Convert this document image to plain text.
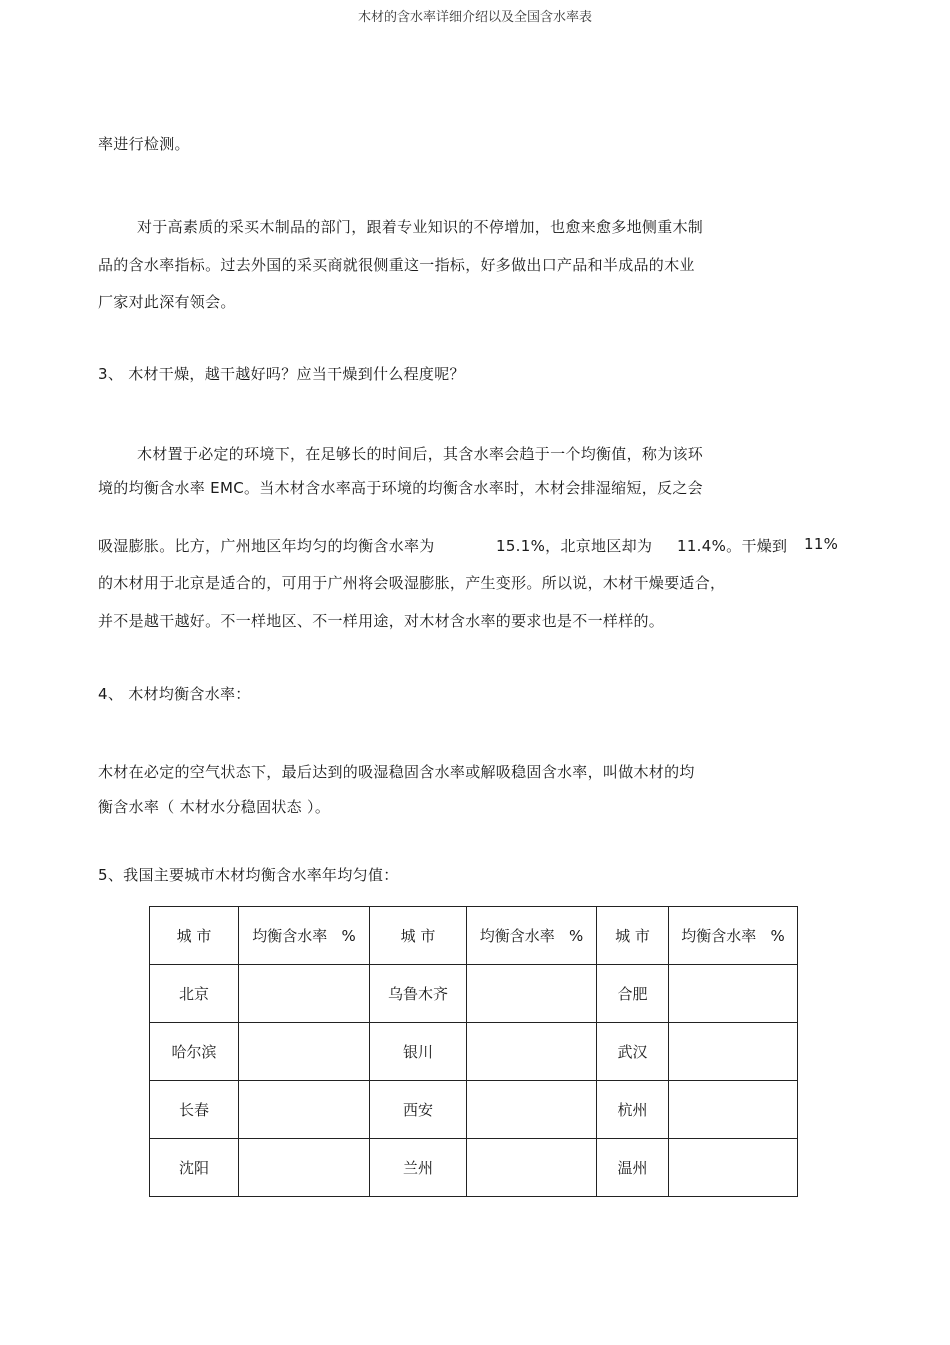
木材的含水率详细介绍以及全国含水率表
率进行检测。
对于高素质的采买木制品的部门，跟着专业知识的不停增加，也愈来愈多地侧重木制
品的含水率指标。过去外国的采买商就很侧重这一指标，好多做出口产品和半成品的木业
厂家对此深有领会。
3、 木材干燥，越干越好吗？应当干燥到什么程度呢？
木材置于必定的环境下，在足够长的时间后，其含水率会趋于一个均衡值，称为该环
境的均衡含水率 EMC。当木材含水率高于环境的均衡含水率时，木材会排湿缩短，反之会
吸湿膨胀。比方，广州地区年均匀的均衡含水率为	15.1%，北京地区却为 11.4%。干燥到 11%
的木材用于北京是适合的，可用于广州将会吸湿膨胀，产生变形。所以说，木材干燥要适合，
并不是越干越好。不一样地区、不一样用途，对木材含水率的要求也是不一样样的。
4、 木材均衡含水率：
木材在必定的空气状态下，最后达到的吸湿稳固含水率或解吸稳固含水率，叫做木材的均
衡含水率（ 木材水分稳固状态 ）。
5、我国主要城市木材均衡含水率年均匀值：
城 市	均衡含水率 %	城 市	均衡含水率 %	城 市	均衡含水率 %
北京		乌鲁木齐		合肥	
哈尔滨		银川		武汉	
长春		西安		杭州	
沈阳		兰州		温州	
